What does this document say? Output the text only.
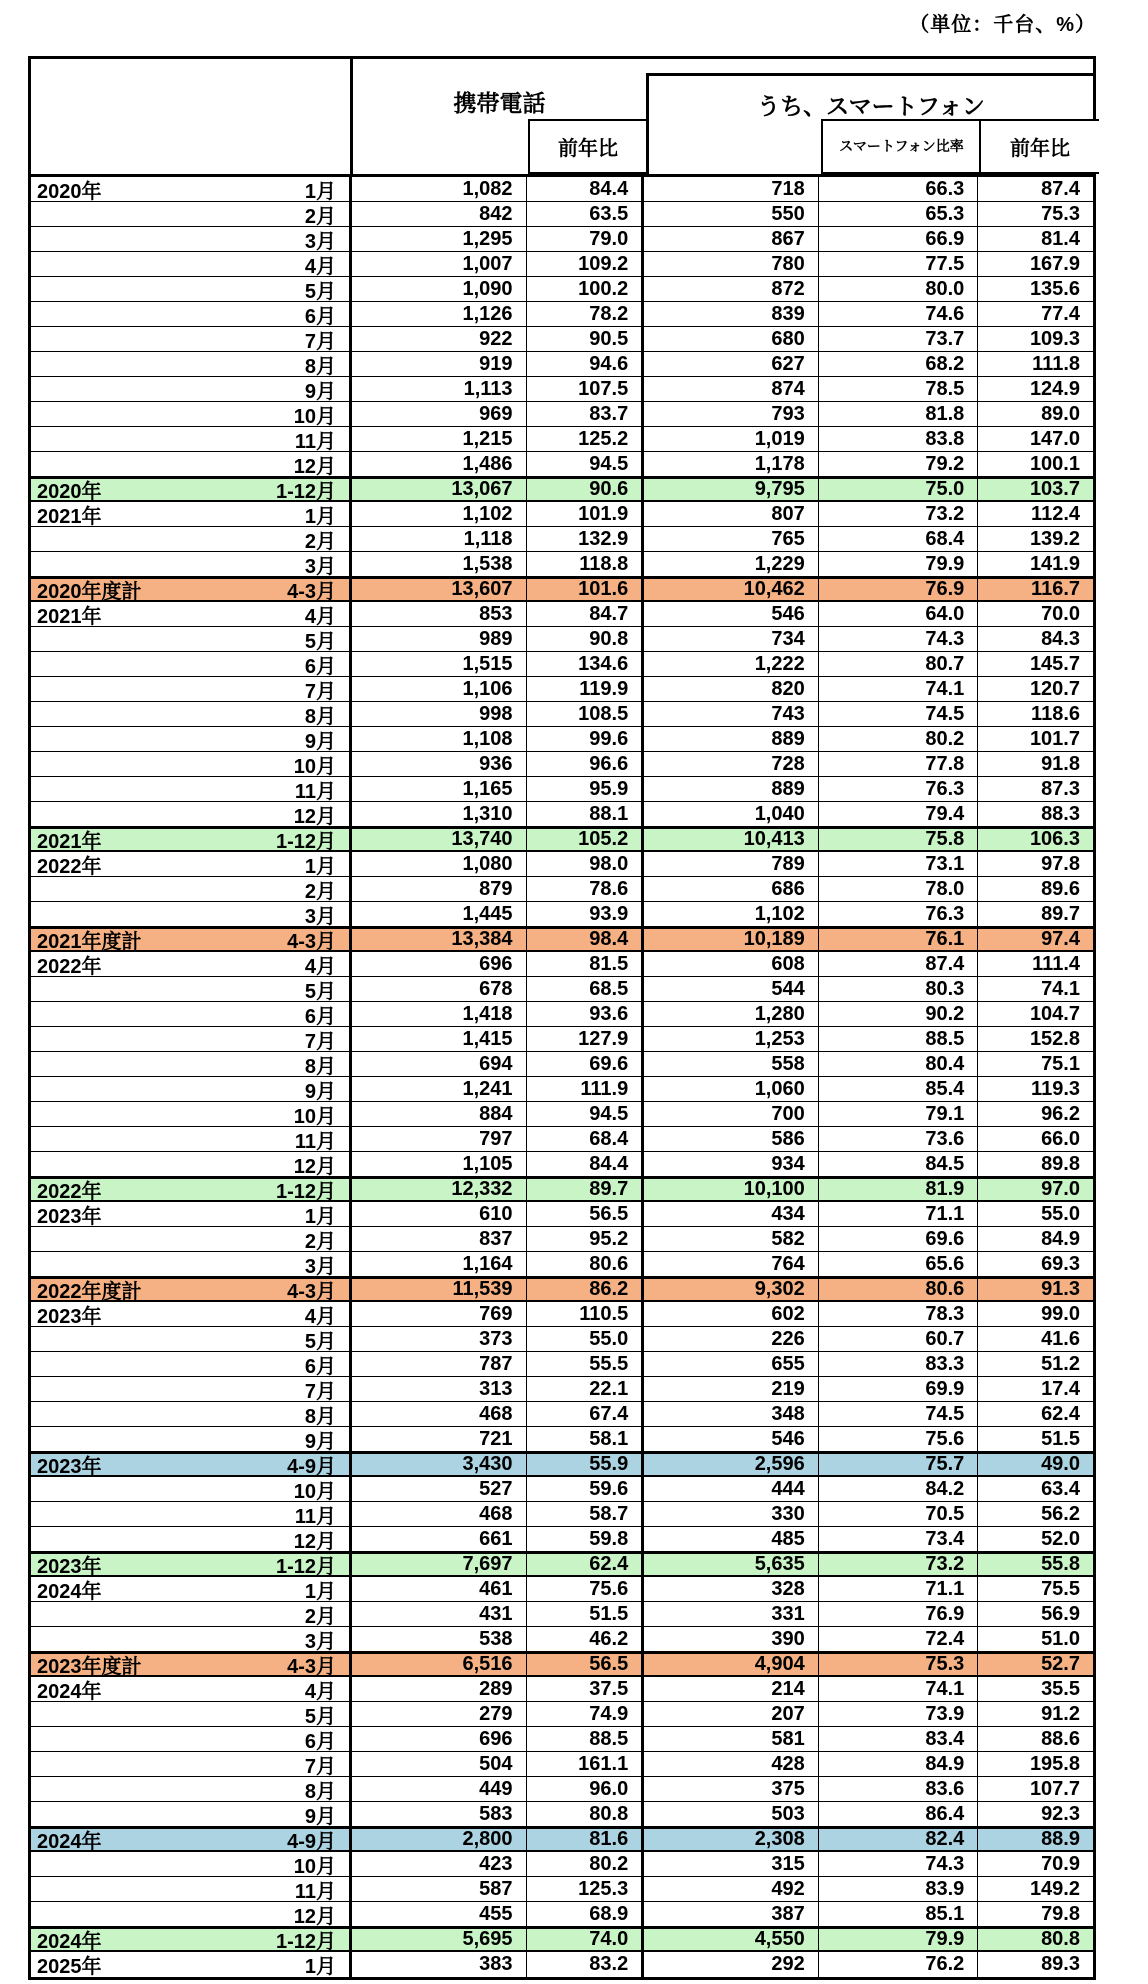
（単位：千台、%）
携帯電話	うち、スマートフォン
前年比	スマートフォン比率	前年比
2020年	1月	1,082	84.4	718	66.3	87.4
2月	842	63.5	550	65.3	75.3
3月	1,295	79.0	867	66.9	81.4
4月	1,007	109.2	780	77.5	167.9
5月	1,090	100.2	872	80.0	135.6
6月	1,126	78.2	839	74.6	77.4
7月	922	90.5	680	73.7	109.3
8月	919	94.6	627	68.2	111.8
9月	1,113	107.5	874	78.5	124.9
10月	969	83.7	793	81.8	89.0
11月	1,215	125.2	1,019	83.8	147.0
12月	1,486	94.5	1,178	79.2	100.1
2020年	1-12月	13,067	90.6	9,795	75.0	103.7
2021年	1月	1,102	101.9	807	73.2	112.4
2月	1,118	132.9	765	68.4	139.2
3月	1,538	118.8	1,229	79.9	141.9
2020年度計	4-3月	13,607	101.6	10,462	76.9	116.7
2021年	4月	853	84.7	546	64.0	70.0
5月	989	90.8	734	74.3	84.3
6月	1,515	134.6	1,222	80.7	145.7
7月	1,106	119.9	820	74.1	120.7
8月	998	108.5	743	74.5	118.6
9月	1,108	99.6	889	80.2	101.7
10月	936	96.6	728	77.8	91.8
11月	1,165	95.9	889	76.3	87.3
12月	1,310	88.1	1,040	79.4	88.3
2021年	1-12月	13,740	105.2	10,413	75.8	106.3
2022年	1月	1,080	98.0	789	73.1	97.8
2月	879	78.6	686	78.0	89.6
3月	1,445	93.9	1,102	76.3	89.7
2021年度計	4-3月	13,384	98.4	10,189	76.1	97.4
2022年	4月	696	81.5	608	87.4	111.4
5月	678	68.5	544	80.3	74.1
6月	1,418	93.6	1,280	90.2	104.7
7月	1,415	127.9	1,253	88.5	152.8
8月	694	69.6	558	80.4	75.1
9月	1,241	111.9	1,060	85.4	119.3
10月	884	94.5	700	79.1	96.2
11月	797	68.4	586	73.6	66.0
12月	1,105	84.4	934	84.5	89.8
2022年	1-12月	12,332	89.7	10,100	81.9	97.0
2023年	1月	610	56.5	434	71.1	55.0
2月	837	95.2	582	69.6	84.9
3月	1,164	80.6	764	65.6	69.3
2022年度計	4-3月	11,539	86.2	9,302	80.6	91.3
2023年	4月	769	110.5	602	78.3	99.0
5月	373	55.0	226	60.7	41.6
6月	787	55.5	655	83.3	51.2
7月	313	22.1	219	69.9	17.4
8月	468	67.4	348	74.5	62.4
9月	721	58.1	546	75.6	51.5
2023年	4-9月	3,430	55.9	2,596	75.7	49.0
10月	527	59.6	444	84.2	63.4
11月	468	58.7	330	70.5	56.2
12月	661	59.8	485	73.4	52.0
2023年	1-12月	7,697	62.4	5,635	73.2	55.8
2024年	1月	461	75.6	328	71.1	75.5
2月	431	51.5	331	76.9	56.9
3月	538	46.2	390	72.4	51.0
2023年度計	4-3月	6,516	56.5	4,904	75.3	52.7
2024年	4月	289	37.5	214	74.1	35.5
5月	279	74.9	207	73.9	91.2
6月	696	88.5	581	83.4	88.6
7月	504	161.1	428	84.9	195.8
8月	449	96.0	375	83.6	107.7
9月	583	80.8	503	86.4	92.3
2024年	4-9月	2,800	81.6	2,308	82.4	88.9
10月	423	80.2	315	74.3	70.9
11月	587	125.3	492	83.9	149.2
12月	455	68.9	387	85.1	79.8
2024年	1-12月	5,695	74.0	4,550	79.9	80.8
2025年	1月	383	83.2	292	76.2	89.3
